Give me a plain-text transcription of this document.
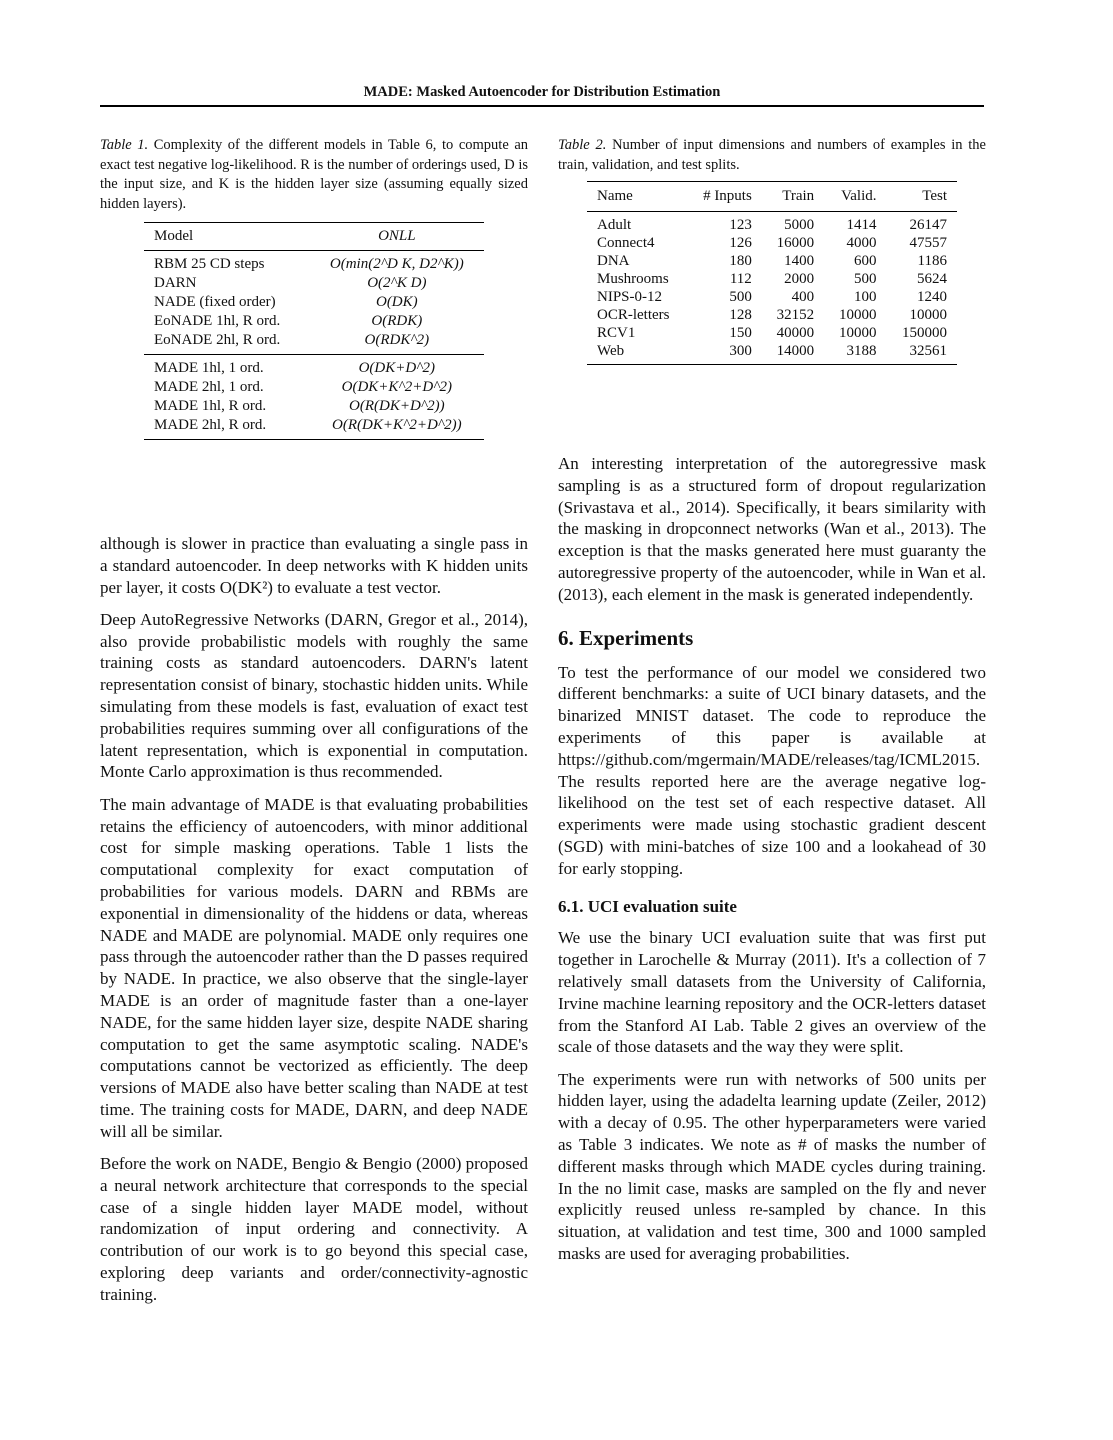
MADE: Masked Autoencoder for Distribution Estimation
Table 1. Complexity of the different models in Table 6, to compute an exact test negative log-likelihood. R is the number of orderings used, D is the input size, and K is the hidden layer size (assuming equally sized hidden layers).
Model	ONLL
RBM 25 CD steps	O(min(2^D K, D2^K))
DARN	O(2^K D)
NADE (fixed order)	O(DK)
EoNADE 1hl, R ord.	O(RDK)
EoNADE 2hl, R ord.	O(RDK^2)
MADE 1hl, 1 ord.	O(DK+D^2)
MADE 2hl, 1 ord.	O(DK+K^2+D^2)
MADE 1hl, R ord.	O(R(DK+D^2))
MADE 2hl, R ord.	O(R(DK+K^2+D^2))
Table 2. Number of input dimensions and numbers of examples in the train, validation, and test splits.
Name	# Inputs	Train	Valid.	Test
Adult	123	5000	1414	26147
Connect4	126	16000	4000	47557
DNA	180	1400	600	1186
Mushrooms	112	2000	500	5624
NIPS-0-12	500	400	100	1240
OCR-letters	128	32152	10000	10000
RCV1	150	40000	10000	150000
Web	300	14000	3188	32561

although is slower in practice than evaluating a single pass in a standard autoencoder. In deep networks with K hidden units per layer, it costs O(DK²) to evaluate a test vector.

Deep AutoRegressive Networks (DARN, Gregor et al., 2014), also provide probabilistic models with roughly the same training costs as standard autoencoders. DARN's latent representation consist of binary, stochastic hidden units. While simulating from these models is fast, evaluation of exact test probabilities requires summing over all configurations of the latent representation, which is exponential in computation. Monte Carlo approximation is thus recommended.

The main advantage of MADE is that evaluating probabilities retains the efficiency of autoencoders, with minor additional cost for simple masking operations. Table 1 lists the computational complexity for exact computation of probabilities for various models. DARN and RBMs are exponential in dimensionality of the hiddens or data, whereas NADE and MADE are polynomial. MADE only requires one pass through the autoencoder rather than the D passes required by NADE. In practice, we also observe that the single-layer MADE is an order of magnitude faster than a one-layer NADE, for the same hidden layer size, despite NADE sharing computation to get the same asymptotic scaling. NADE's computations cannot be vectorized as efficiently. The deep versions of MADE also have better scaling than NADE at test time. The training costs for MADE, DARN, and deep NADE will all be similar.

Before the work on NADE, Bengio & Bengio (2000) proposed a neural network architecture that corresponds to the special case of a single hidden layer MADE model, without randomization of input ordering and connectivity. A contribution of our work is to go beyond this special case, exploring deep variants and order/connectivity-agnostic training.

An interesting interpretation of the autoregressive mask sampling is as a structured form of dropout regularization (Srivastava et al., 2014). Specifically, it bears similarity with the masking in dropconnect networks (Wan et al., 2013). The exception is that the masks generated here must guaranty the autoregressive property of the autoencoder, while in Wan et al. (2013), each element in the mask is generated independently.

6. Experiments

To test the performance of our model we considered two different benchmarks: a suite of UCI binary datasets, and the binarized MNIST dataset. The code to reproduce the experiments of this paper is available at https://github.com/mgermain/MADE/releases/tag/ICML2015. The results reported here are the average negative log-likelihood on the test set of each respective dataset. All experiments were made using stochastic gradient descent (SGD) with mini-batches of size 100 and a lookahead of 30 for early stopping.

6.1. UCI evaluation suite

We use the binary UCI evaluation suite that was first put together in Larochelle & Murray (2011). It's a collection of 7 relatively small datasets from the University of California, Irvine machine learning repository and the OCR-letters dataset from the Stanford AI Lab. Table 2 gives an overview of the scale of those datasets and the way they were split.

The experiments were run with networks of 500 units per hidden layer, using the adadelta learning update (Zeiler, 2012) with a decay of 0.95. The other hyperparameters were varied as Table 3 indicates. We note as # of masks the number of different masks through which MADE cycles during training. In the no limit case, masks are sampled on the fly and never explicitly reused unless re-sampled by chance. In this situation, at validation and test time, 300 and 1000 sampled masks are used for averaging probabilities.
